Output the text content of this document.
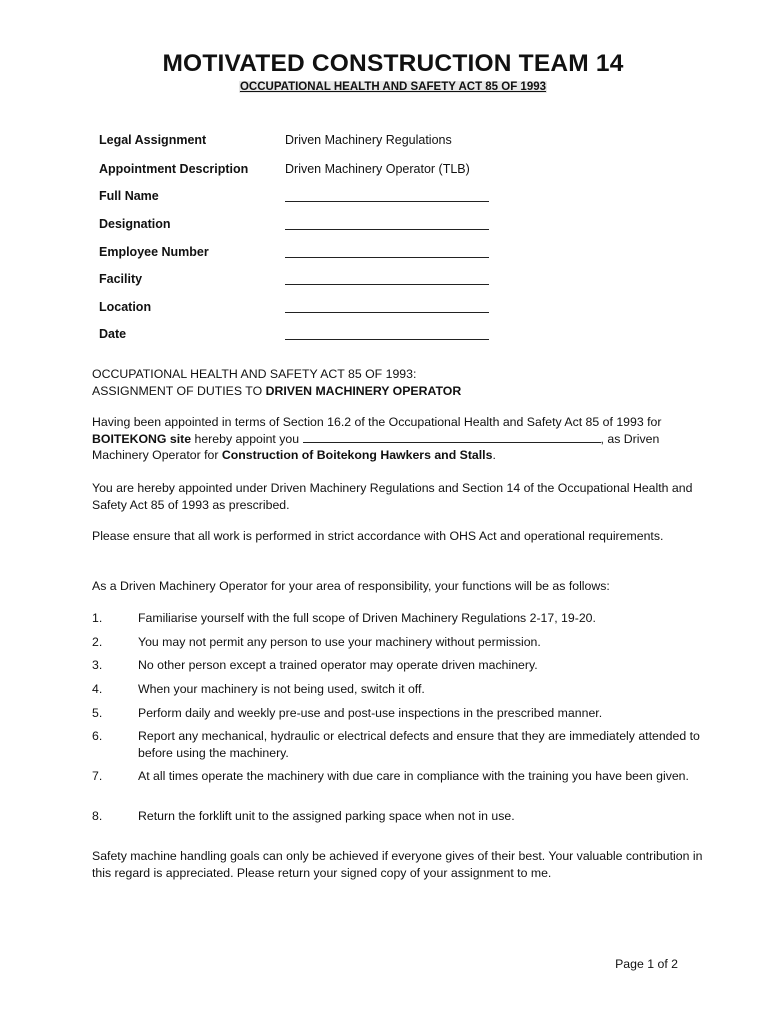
MOTIVATED CONSTRUCTION TEAM 14
OCCUPATIONAL HEALTH AND SAFETY ACT 85 OF 1993
Legal Assignment	Driven Machinery Regulations
Appointment Description	Driven Machinery Operator (TLB)
Full Name
Designation
Employee Number
Facility
Location
Date

OCCUPATIONAL HEALTH AND SAFETY ACT 85 OF 1993:

ASSIGNMENT OF DUTIES TO DRIVEN MACHINERY OPERATOR

Having been appointed in terms of Section 16.2 of the Occupational Health and Safety Act 85 of 1993 for BOITEKONG site hereby appoint you	, as Driven Machinery Operator for Construction of Boitekong Hawkers and Stalls.

You are hereby appointed under Driven Machinery Regulations and Section 14 of the Occupational Health and Safety Act 85 of 1993 as prescribed.

Please ensure that all work is performed in strict accordance with OHS Act and operational requirements.

As a Driven Machinery Operator for your area of responsibility, your functions will be as follows:

1.	Familiarise yourself with the full scope of Driven Machinery Regulations 2-17, 19-20.
2.	You may not permit any person to use your machinery without permission.
3.	No other person except a trained operator may operate driven machinery.
4.	When your machinery is not being used, switch it off.
5.	Perform daily and weekly pre-use and post-use inspections in the prescribed manner.
6.	Report any mechanical, hydraulic or electrical defects and ensure that they are immediately attended to before using the machinery.
7.	At all times operate the machinery with due care in compliance with the training you have been given.
8.	Return the forklift unit to the assigned parking space when not in use.

Safety machine handling goals can only be achieved if everyone gives of their best. Your valuable contribution in this regard is appreciated. Please return your signed copy of your assignment to me.

Page 1 of 2
